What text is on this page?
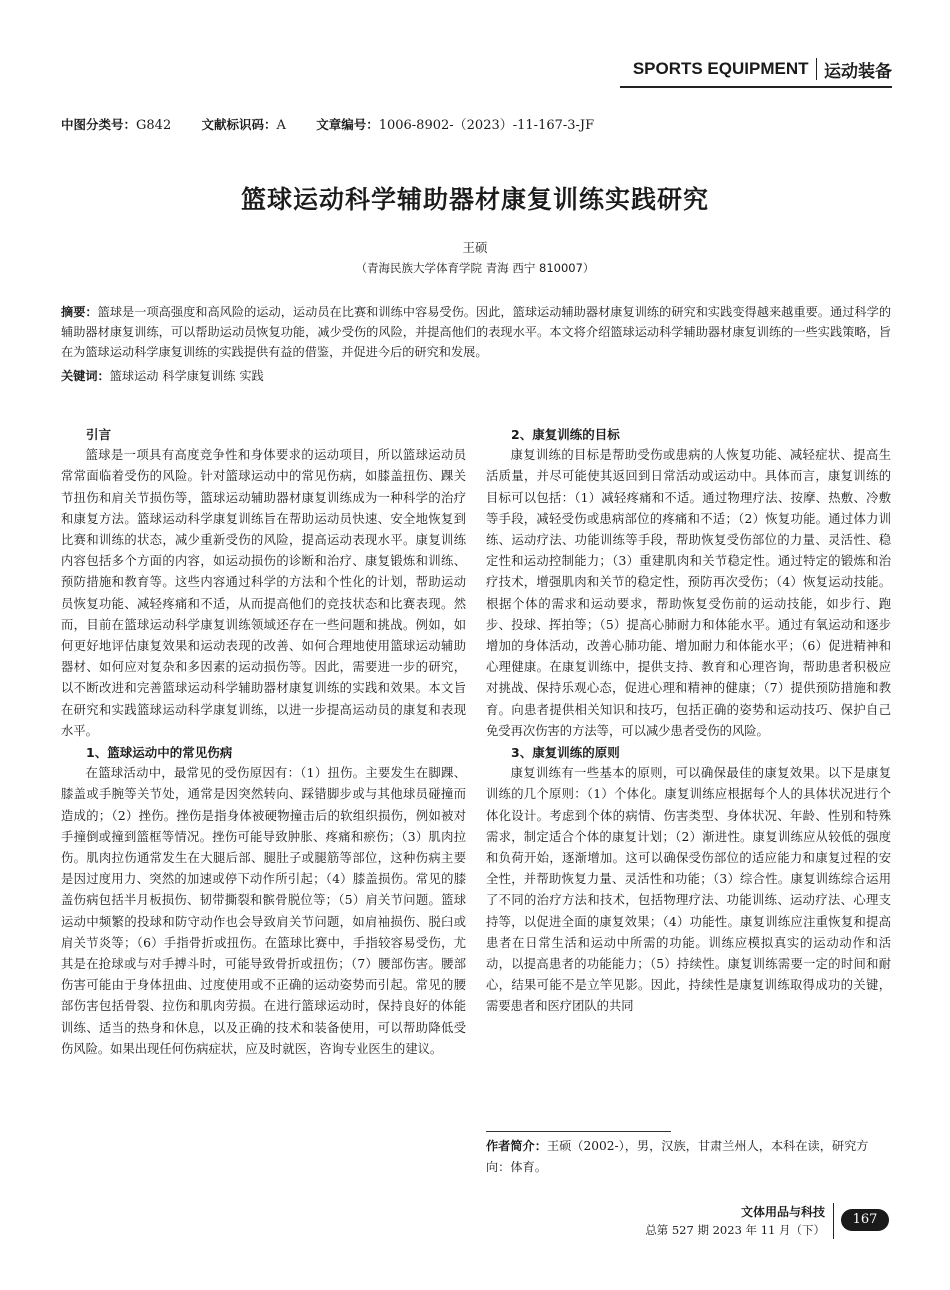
SPORTS EQUIPMENT 运动装备
中图分类号：G842 文献标识码：A 文章编号：1006-8902-（2023）-11-167-3-JF
篮球运动科学辅助器材康复训练实践研究
王硕
（青海民族大学体育学院 青海 西宁 810007）
摘要：篮球是一项高强度和高风险的运动，运动员在比赛和训练中容易受伤。因此，篮球运动辅助器材康复训练的研究和实践变得越来越重要。通过科学的辅助器材康复训练，可以帮助运动员恢复功能，减少受伤的风险，并提高他们的表现水平。本文将介绍篮球运动科学辅助器材康复训练的一些实践策略，旨在为篮球运动科学康复训练的实践提供有益的借鉴，并促进今后的研究和发展。
关键词：篮球运动 科学康复训练 实践
引言

篮球是一项具有高度竞争性和身体要求的运动项目，所以篮球运动员常常面临着受伤的风险。针对篮球运动中的常见伤病，如膝盖扭伤、踝关节扭伤和肩关节损伤等，篮球运动辅助器材康复训练成为一种科学的治疗和康复方法。篮球运动科学康复训练旨在帮助运动员快速、安全地恢复到比赛和训练的状态，减少重新受伤的风险，提高运动表现水平。康复训练内容包括多个方面的内容，如运动损伤的诊断和治疗、康复锻炼和训练、预防措施和教育等。这些内容通过科学的方法和个性化的计划，帮助运动员恢复功能、减轻疼痛和不适，从而提高他们的竞技状态和比赛表现。然而，目前在篮球运动科学康复训练领域还存在一些问题和挑战。例如，如何更好地评估康复效果和运动表现的改善、如何合理地使用篮球运动辅助器材、如何应对复杂和多因素的运动损伤等。因此，需要进一步的研究，以不断改进和完善篮球运动科学辅助器材康复训练的实践和效果。本文旨在研究和实践篮球运动科学康复训练，以进一步提高运动员的康复和表现水平。

1、篮球运动中的常见伤病

在篮球活动中，最常见的受伤原因有：（1）扭伤。主要发生在脚踝、膝盖或手腕等关节处，通常是因突然转向、踩错脚步或与其他球员碰撞而造成的；（2）挫伤。挫伤是指身体被硬物撞击后的软组织损伤，例如被对手撞倒或撞到篮框等情况。挫伤可能导致肿胀、疼痛和瘀伤；（3）肌肉拉伤。肌肉拉伤通常发生在大腿后部、腿肚子或腿筋等部位，这种伤病主要是因过度用力、突然的加速或停下动作所引起；（4）膝盖损伤。常见的膝盖伤病包括半月板损伤、韧带撕裂和髌骨脱位等；（5）肩关节问题。篮球运动中频繁的投球和防守动作也会导致肩关节问题，如肩袖损伤、脱臼或肩关节炎等；（6）手指骨折或扭伤。在篮球比赛中，手指较容易受伤，尤其是在抢球或与对手搏斗时，可能导致骨折或扭伤；（7）腰部伤害。腰部伤害可能由于身体扭曲、过度使用或不正确的运动姿势而引起。常见的腰部伤害包括骨裂、拉伤和肌肉劳损。在进行篮球运动时，保持良好的体能训练、适当的热身和休息，以及正确的技术和装备使用，可以帮助降低受伤风险。如果出现任何伤病症状，应及时就医，咨询专业医生的建议。

2、康复训练的目标

康复训练的目标是帮助受伤或患病的人恢复功能、减轻症状、提高生活质量，并尽可能使其返回到日常活动或运动中。具体而言，康复训练的目标可以包括：（1）减轻疼痛和不适。通过物理疗法、按摩、热敷、冷敷等手段，减轻受伤或患病部位的疼痛和不适；（2）恢复功能。通过体力训练、运动疗法、功能训练等手段，帮助恢复受伤部位的力量、灵活性、稳定性和运动控制能力；（3）重建肌肉和关节稳定性。通过特定的锻炼和治疗技术，增强肌肉和关节的稳定性，预防再次受伤；（4）恢复运动技能。根据个体的需求和运动要求，帮助恢复受伤前的运动技能，如步行、跑步、投球、挥拍等；（5）提高心肺耐力和体能水平。通过有氧运动和逐步增加的身体活动，改善心肺功能、增加耐力和体能水平；（6）促进精神和心理健康。在康复训练中，提供支持、教育和心理咨询，帮助患者积极应对挑战、保持乐观心态，促进心理和精神的健康；（7）提供预防措施和教育。向患者提供相关知识和技巧，包括正确的姿势和运动技巧、保护自己免受再次伤害的方法等，可以减少患者受伤的风险。

3、康复训练的原则

康复训练有一些基本的原则，可以确保最佳的康复效果。以下是康复训练的几个原则：（1）个体化。康复训练应根据每个人的具体状况进行个体化设计。考虑到个体的病情、伤害类型、身体状况、年龄、性别和特殊需求，制定适合个体的康复计划；（2）渐进性。康复训练应从较低的强度和负荷开始，逐渐增加。这可以确保受伤部位的适应能力和康复过程的安全性，并帮助恢复力量、灵活性和功能；（3）综合性。康复训练综合运用了不同的治疗方法和技术，包括物理疗法、功能训练、运动疗法、心理支持等，以促进全面的康复效果；（4）功能性。康复训练应注重恢复和提高患者在日常生活和运动中所需的功能。训练应模拟真实的运动动作和活动，以提高患者的功能能力；（5）持续性。康复训练需要一定的时间和耐心，结果可能不是立竿见影。因此，持续性是康复训练取得成功的关键，需要患者和医疗团队的共同

作者简介：王硕（2002-），男，汉族，甘肃兰州人，本科在读，研究方向：体育。
文体用品与科技
总第 527 期 2023 年 11 月（下）
167
